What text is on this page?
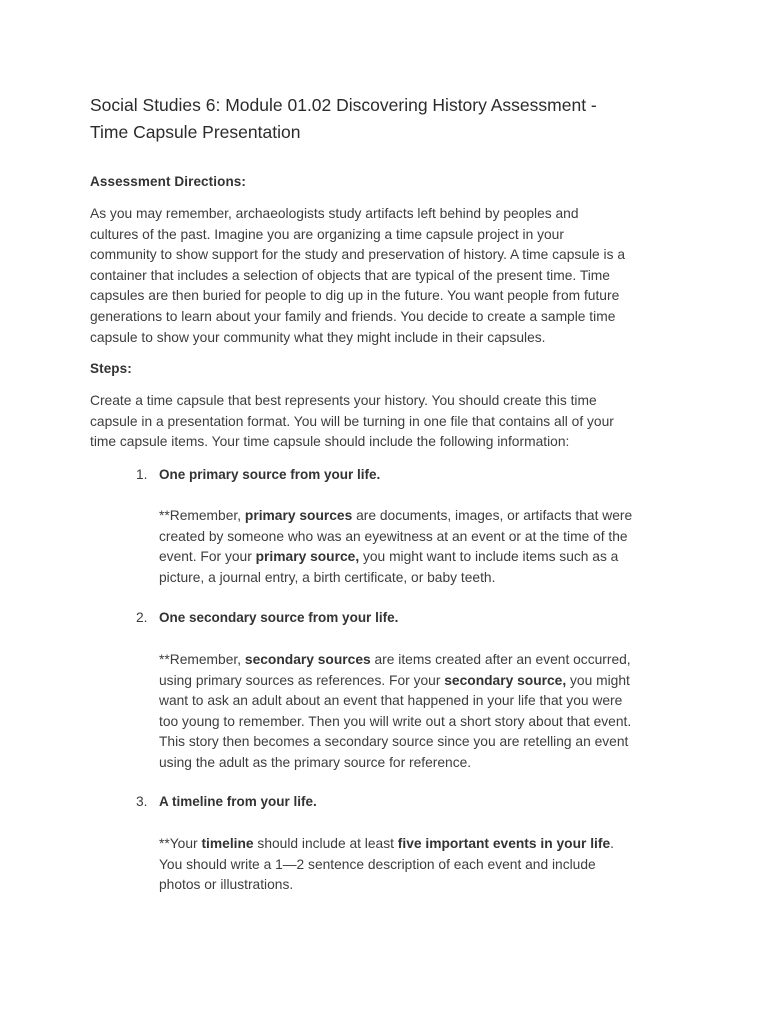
Social Studies 6: Module 01.02 Discovering History Assessment -
Time Capsule Presentation
Assessment Directions:
As you may remember, archaeologists study artifacts left behind by peoples and
cultures of the past. Imagine you are organizing a time capsule project in your
community to show support for the study and preservation of history. A time capsule is a
container that includes a selection of objects that are typical of the present time. Time
capsules are then buried for people to dig up in the future. You want people from future
generations to learn about your family and friends. You decide to create a sample time
capsule to show your community what they might include in their capsules.
Steps:
Create a time capsule that best represents your history. You should create this time
capsule in a presentation format. You will be turning in one file that contains all of your
time capsule items. Your time capsule should include the following information:
1. One primary source from your life.
**Remember, primary sources are documents, images, or artifacts that were
created by someone who was an eyewitness at an event or at the time of the
event. For your primary source, you might want to include items such as a
picture, a journal entry, a birth certificate, or baby teeth.
2. One secondary source from your life.
**Remember, secondary sources are items created after an event occurred,
using primary sources as references. For your secondary source, you might
want to ask an adult about an event that happened in your life that you were
too young to remember. Then you will write out a short story about that event.
This story then becomes a secondary source since you are retelling an event
using the adult as the primary source for reference.
3. A timeline from your life.
**Your timeline should include at least five important events in your life.
You should write a 1—2 sentence description of each event and include
photos or illustrations.
